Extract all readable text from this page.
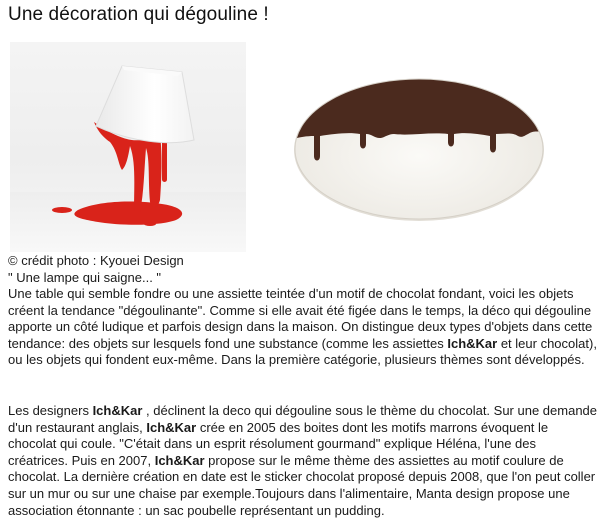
Une décoration qui dégouline !
© crédit photo : Kyouei Design
" Une lampe qui saigne... "

Une table qui semble fondre ou une assiette teintée d'un motif de chocolat fondant, voici les objets créent la tendance "dégoulinante". Comme si elle avait été figée dans le temps, la déco qui dégouline apporte un côté ludique et parfois design dans la maison. On distingue deux types d'objets dans cette tendance: des objets sur lesquels fond une substance (comme les assiettes Ich&Kar et leur chocolat), ou les objets qui fondent eux-même. Dans la première catégorie, plusieurs thèmes sont développés.

Les designers Ich&Kar , déclinent la deco qui dégouline sous le thème du chocolat. Sur une demande d'un restaurant anglais, Ich&Kar crée en 2005 des boites dont les motifs marrons évoquent le chocolat qui coule. "C'était dans un esprit résolument gourmand" explique Héléna, l'une des créatrices. Puis en 2007, Ich&Kar propose sur le même thème des assiettes au motif coulure de chocolat. La dernière création en date est le sticker chocolat proposé depuis 2008, que l'on peut coller sur un mur ou sur une chaise par exemple.Toujours dans l'alimentaire, Manta design propose une association étonnante : un sac poubelle représentant un pudding.
